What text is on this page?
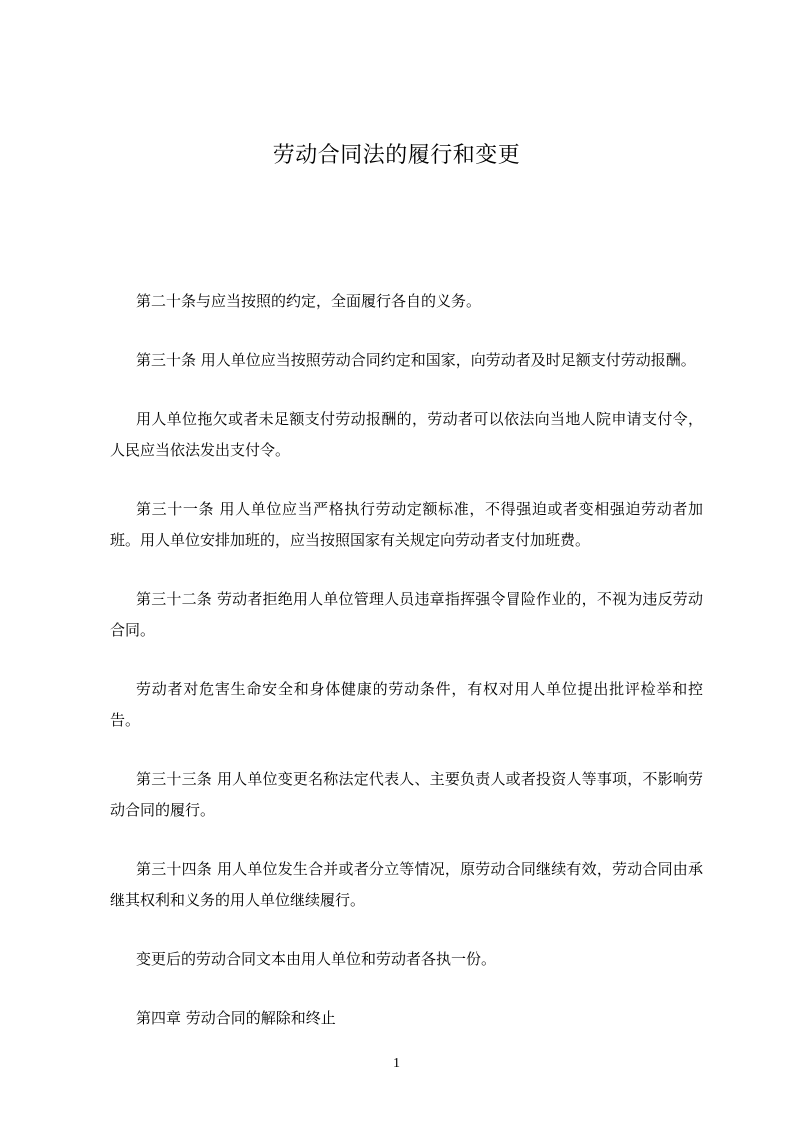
劳动合同法的履行和变更

第二十条与应当按照的约定，全面履行各自的义务。

第三十条 用人单位应当按照劳动合同约定和国家，向劳动者及时足额支付劳动报酬。

用人单位拖欠或者未足额支付劳动报酬的，劳动者可以依法向当地人院申请支付令，人民应当依法发出支付令。

第三十一条 用人单位应当严格执行劳动定额标准，不得强迫或者变相强迫劳动者加班。用人单位安排加班的，应当按照国家有关规定向劳动者支付加班费。

第三十二条 劳动者拒绝用人单位管理人员违章指挥强令冒险作业的，不视为违反劳动合同。

劳动者对危害生命安全和身体健康的劳动条件，有权对用人单位提出批评检举和控告。

第三十三条 用人单位变更名称法定代表人、主要负责人或者投资人等事项，不影响劳动合同的履行。

第三十四条 用人单位发生合并或者分立等情况，原劳动合同继续有效，劳动合同由承继其权利和义务的用人单位继续履行。

变更后的劳动合同文本由用人单位和劳动者各执一份。

第四章 劳动合同的解除和终止

1
